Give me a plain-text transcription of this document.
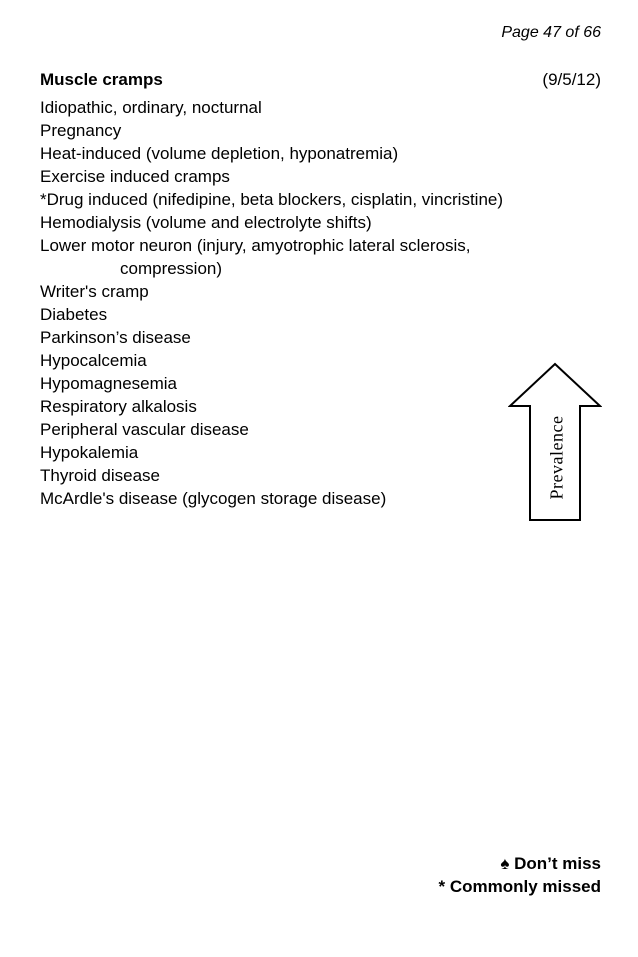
Page 47 of 66
Muscle cramps	(9/5/12)
Idiopathic, ordinary, nocturnal
Pregnancy
Heat-induced (volume depletion, hyponatremia)
Exercise induced cramps
*Drug induced (nifedipine, beta blockers, cisplatin, vincristine)
Hemodialysis (volume and electrolyte shifts)
Lower motor neuron (injury, amyotrophic lateral sclerosis,
compression)
Writer's cramp
Diabetes
Parkinson’s disease
Hypocalcemia
Hypomagnesemia
Respiratory alkalosis
Peripheral vascular disease
Hypokalemia
Thyroid disease
McArdle's disease (glycogen storage disease)	Prevalence
♠ Don’t miss
* Commonly missed
